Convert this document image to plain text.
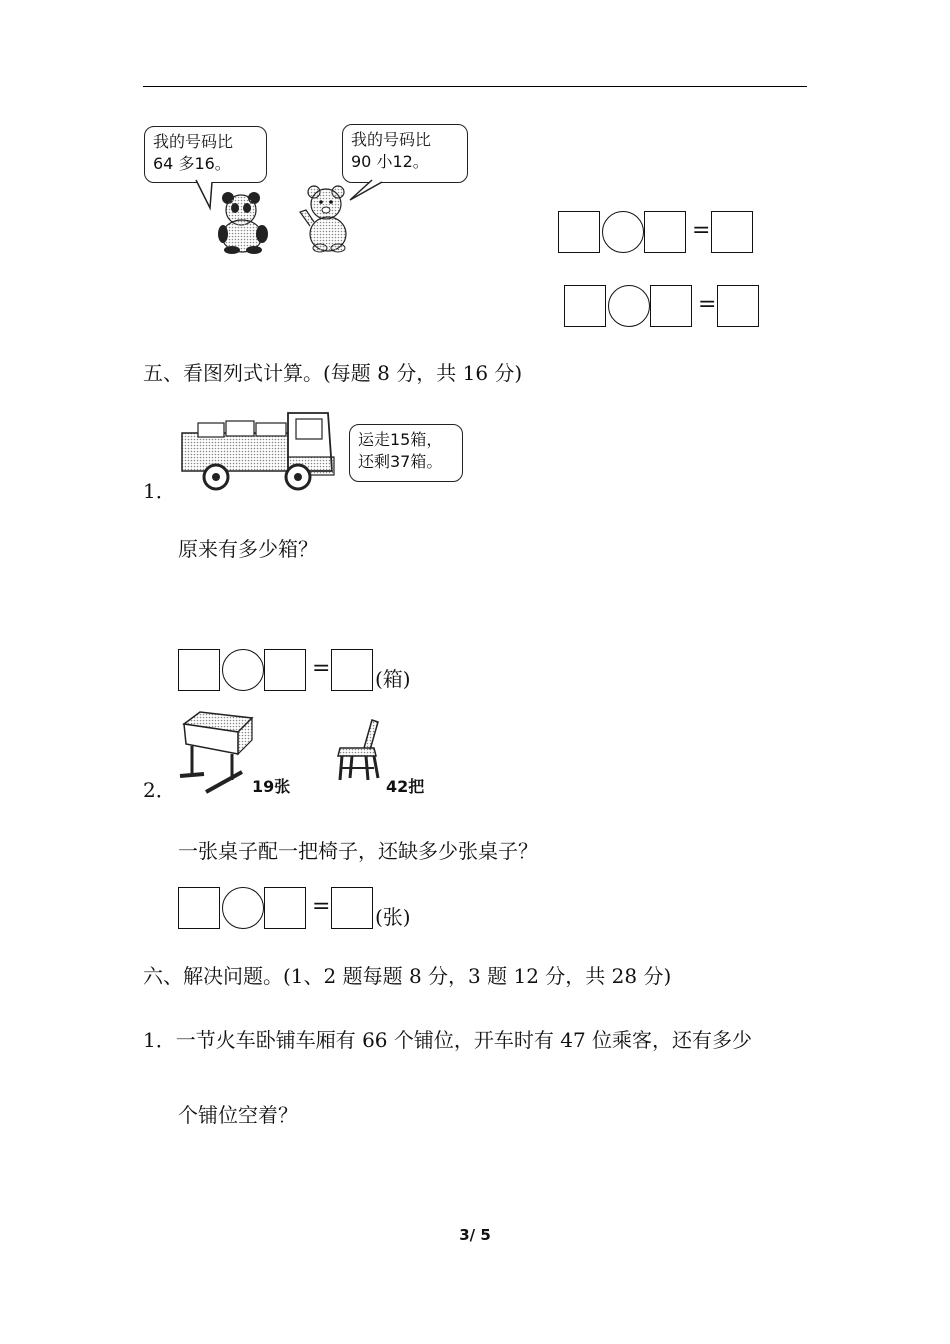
我的号码比
64 多16。
我的号码比
90 小12。
=
=
五、看图列式计算。(每题 8 分，共 16 分)
运走15箱，
还剩37箱。
1．
原来有多少箱？
= (箱)
19张	42把
2．
一张桌子配一把椅子，还缺多少张桌子？
= (张)
六、解决问题。(1、2 题每题 8 分，3 题 12 分，共 28 分)
1．一节火车卧铺车厢有 66 个铺位，开车时有 47 位乘客，还有多少
个铺位空着？
3/ 5
